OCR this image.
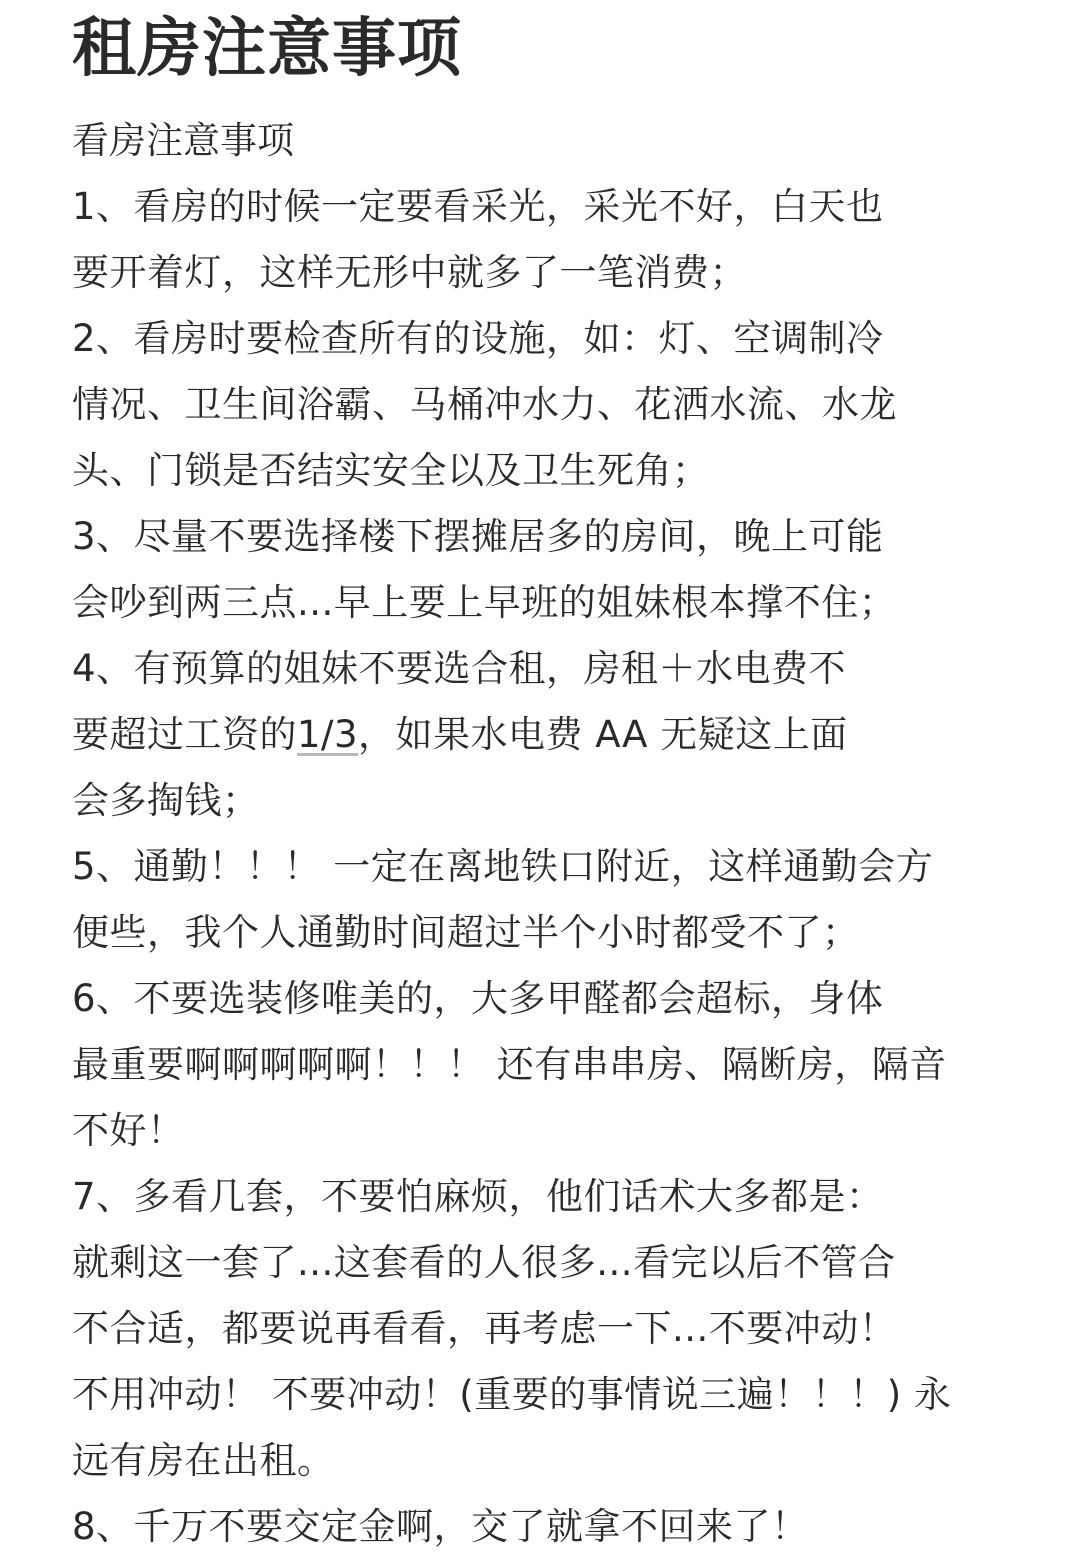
租房注意事项
看房注意事项
1、看房的时候一定要看采光，采光不好，白天也
要开着灯，这样无形中就多了一笔消费；
2、看房时要检查所有的设施，如：灯、空调制冷
情况、卫生间浴霸、马桶冲水力、花洒水流、水龙
头、门锁是否结实安全以及卫生死角；
3、尽量不要选择楼下摆摊居多的房间，晚上可能
会吵到两三点...早上要上早班的姐妹根本撑不住；
4、有预算的姐妹不要选合租，房租＋水电费不
要超过工资的1/3，如果水电费 AA 无疑这上面
会多掏钱；
5、通勤！！！ 一定在离地铁口附近，这样通勤会方
便些，我个人通勤时间超过半个小时都受不了；
6、不要选装修唯美的，大多甲醛都会超标，身体
最重要啊啊啊啊啊！！！ 还有串串房、隔断房，隔音
不好！
7、多看几套，不要怕麻烦，他们话术大多都是：
就剩这一套了...这套看的人很多...看完以后不管合
不合适，都要说再看看，再考虑一下...不要冲动！
不用冲动！ 不要冲动！(重要的事情说三遍！！！) 永
远有房在出租。
8、千万不要交定金啊，交了就拿不回来了！
